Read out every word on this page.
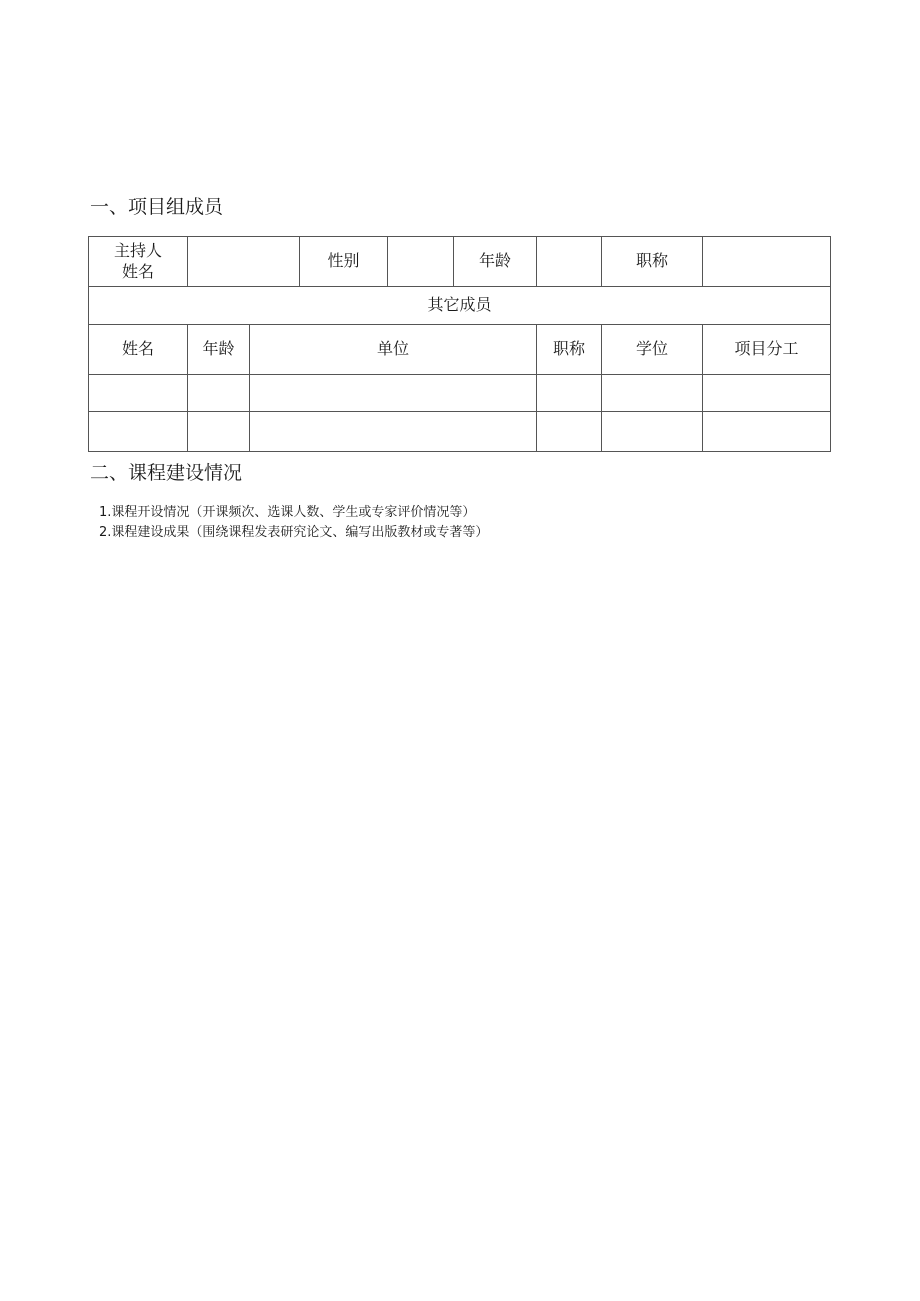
一、项目组成员
主持人
姓名			性别		年龄		职称	
其它成员								
姓名	年龄	单位				职称	学位	项目分工

二、课程建设情况
1.课程开设情况（开课频次、选课人数、学生或专家评价情况等）
2.课程建设成果（围绕课程发表研究论文、编写出版教材或专著等）
